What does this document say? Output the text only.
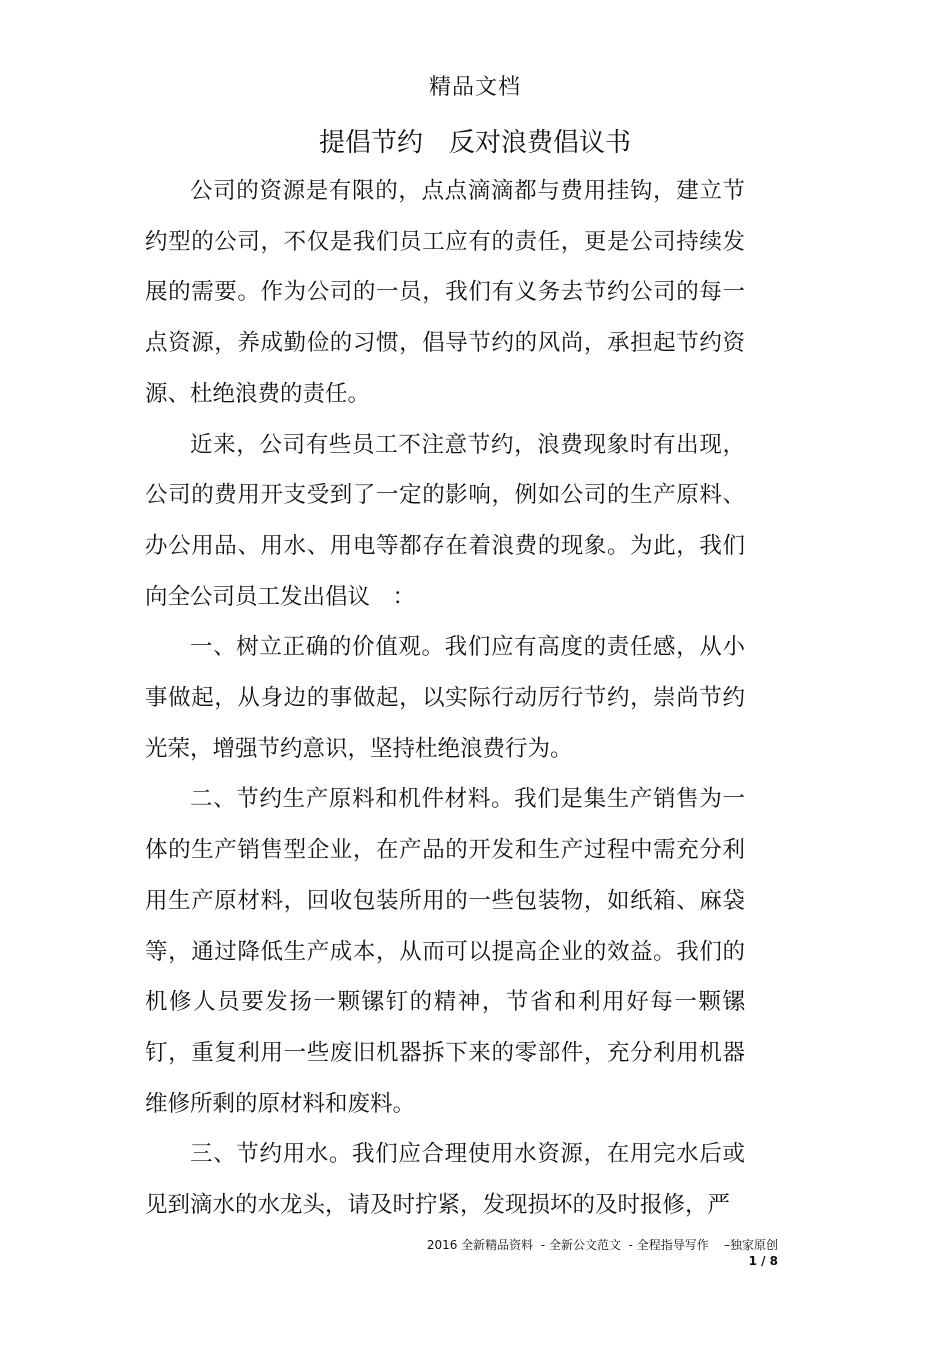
精品文档
提倡节约　反对浪费倡议书

公司的资源是有限的，点点滴滴都与费用挂钩，建立节约型的公司，不仅是我们员工应有的责任，更是公司持续发展的需要。作为公司的一员，我们有义务去节约公司的每一点资源，养成勤俭的习惯，倡导节约的风尚，承担起节约资源、杜绝浪费的责任。

近来，公司有些员工不注意节约，浪费现象时有出现，公司的费用开支受到了一定的影响，例如公司的生产原料、办公用品、用水、用电等都存在着浪费的现象。为此，我们向全公司员工发出倡议　：

一、树立正确的价值观。我们应有高度的责任感，从小事做起，从身边的事做起，以实际行动厉行节约，崇尚节约光荣，增强节约意识，坚持杜绝浪费行为。

二、节约生产原料和机件材料。我们是集生产销售为一体的生产销售型企业，在产品的开发和生产过程中需充分利用生产原材料，回收包装所用的一些包装物，如纸箱、麻袋等，通过降低生产成本，从而可以提高企业的效益。我们的机修人员要发扬一颗镙钉的精神，节省和利用好每一颗镙钉，重复利用一些废旧机器拆下来的零部件，充分利用机器维修所剩的原材料和废料。

三、节约用水。我们应合理使用水资源，在用完水后或见到滴水的水龙头，请及时拧紧，发现损坏的及时报修，严

2016 全新精品资料  - 全新公文范文  - 全程指导写作    –独家原创
1 / 8
